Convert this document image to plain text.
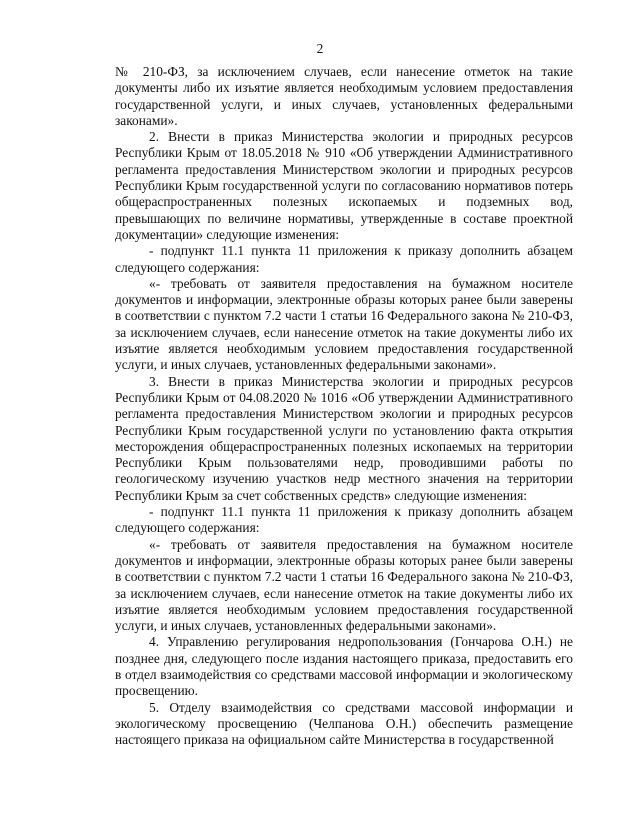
2

№ 210-ФЗ, за исключением случаев, если нанесение отметок на такие документы либо их изъятие является необходимым условием предоставления государственной услуги, и иных случаев, установленных федеральными законами».

2. Внести в приказ Министерства экологии и природных ресурсов Республики Крым от 18.05.2018 № 910 «Об утверждении Административного регламента предоставления Министерством экологии и природных ресурсов Республики Крым государственной услуги по согласованию нормативов потерь общераспространенных полезных ископаемых и подземных вод, превышающих по величине нормативы, утвержденные в составе проектной документации» следующие изменения:

- подпункт 11.1 пункта 11 приложения к приказу дополнить абзацем следующего содержания:

«- требовать от заявителя предоставления на бумажном носителе документов и информации, электронные образы которых ранее были заверены в соответствии с пунктом 7.2 части 1 статьи 16 Федерального закона № 210-ФЗ, за исключением случаев, если нанесение отметок на такие документы либо их изъятие является необходимым условием предоставления государственной услуги, и иных случаев, установленных федеральными законами».

3. Внести в приказ Министерства экологии и природных ресурсов Республики Крым от 04.08.2020 № 1016 «Об утверждении Административного регламента предоставления Министерством экологии и природных ресурсов Республики Крым государственной услуги по установлению факта открытия месторождения общераспространенных полезных ископаемых на территории Республики Крым пользователями недр, проводившими работы по геологическому изучению участков недр местного значения на территории Республики Крым за счет собственных средств» следующие изменения:

- подпункт 11.1 пункта 11 приложения к приказу дополнить абзацем следующего содержания:

«- требовать от заявителя предоставления на бумажном носителе документов и информации, электронные образы которых ранее были заверены в соответствии с пунктом 7.2 части 1 статьи 16 Федерального закона № 210-ФЗ, за исключением случаев, если нанесение отметок на такие документы либо их изъятие является необходимым условием предоставления государственной услуги, и иных случаев, установленных федеральными законами».

4. Управлению регулирования недропользования (Гончарова О.Н.) не позднее дня, следующего после издания настоящего приказа, предоставить его в отдел взаимодействия со средствами массовой информации и экологическому просвещению.

5. Отделу взаимодействия со средствами массовой информации и экологическому просвещению (Челпанова О.Н.) обеспечить размещение настоящего приказа на официальном сайте Министерства в государственной
